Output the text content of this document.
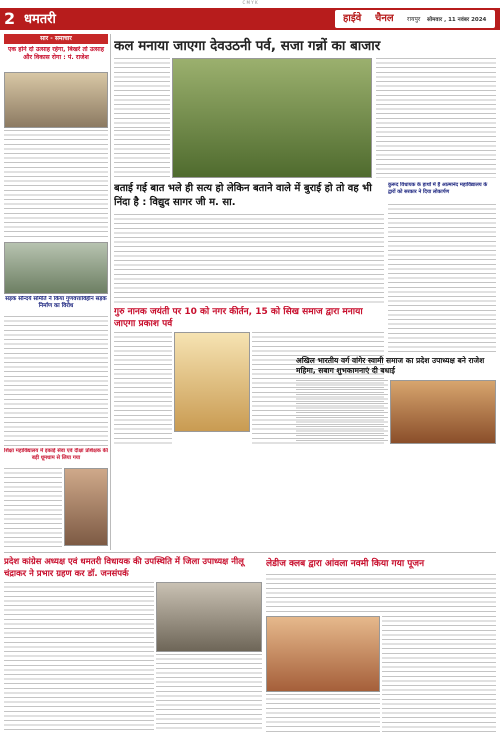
C M Y K
2 धमतरी	हाईवे	चैनल	रायपुर	सोमवार , 11 नवंबर 2024
सार - समाचार
एक होने दो उत्साह रहेगा, बिखरे तो उत्साह और विकास रोगा : पं. राजेश
सड़क सौन्दर्य समिति ने किया गुणवत्ताविहीन सड़क निर्माण का विरोध
शिक्षा महाविद्यालय में इकाई सेवा एवं दीक्षा प्रशिक्षक की बड़ी धूमधाम से लिया गया
कल मनाया जाएगा देवउठनी पर्व, सजा गन्नों का बाजार
बताई गई बात भले ही सत्य हो लेकिन बताने वाले में बुराई हो तो वह भी निंदा है : विद्युद सागर जी म. सा.
कुरूद विधायक के हाथों में है आत्मानंद महाविद्यालय के द्वारों को सरकार ने दिया लोकार्पण
गुरु नानक जयंती पर 10 को नगर कीर्तन, 15 को सिख समाज द्वारा मनाया जाएगा प्रकाश पर्व
अखिल भारतीय वर्ग वांगेर स्वामी समाज का प्रदेश उपाध्यक्ष बने राजेश महिमा, सबाग शुभकामनाएं दी बधाई
प्रदेश कांग्रेस अध्यक्ष एवं धमतरी विधायक की उपस्थिति में जिला उपाध्यक्ष नीलू चंद्राकर ने प्रभार ग्रहण कर डॉ. जनसंपर्क
लेडीज क्लब द्वारा आंवला नवमी किया गया पूजन
